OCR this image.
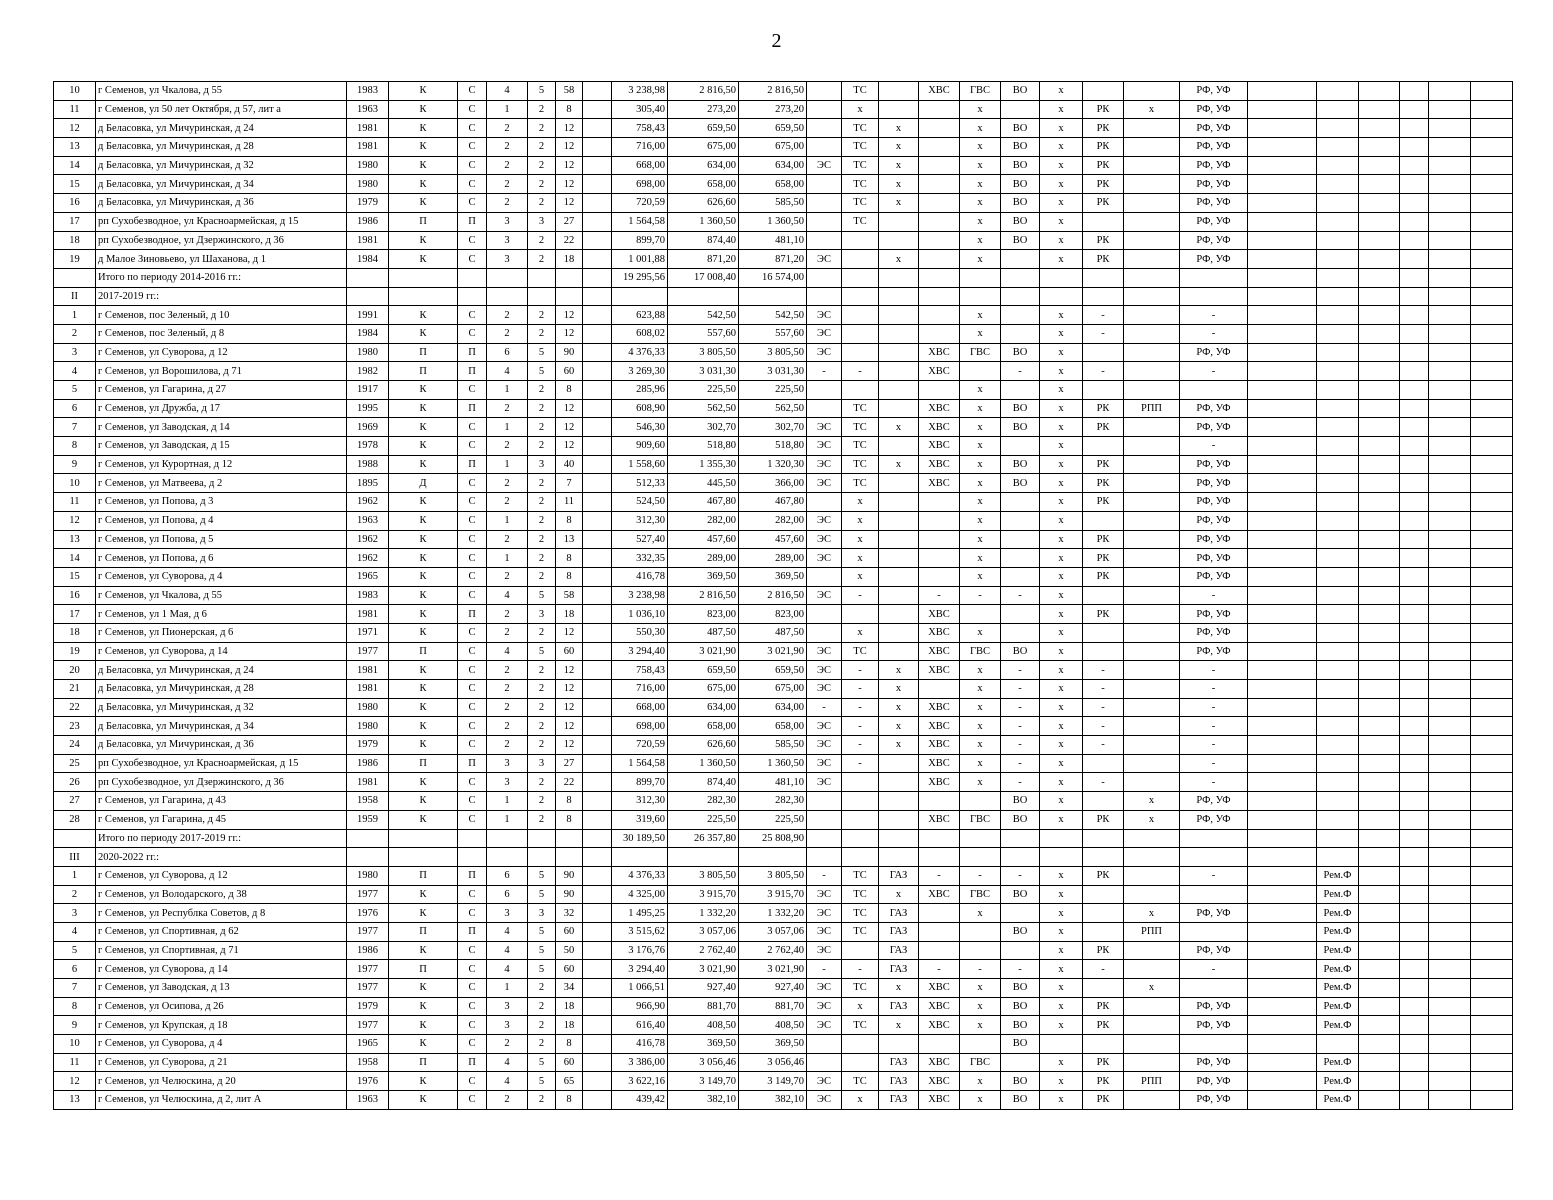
2
10	г Семенов, ул Чкалова, д 55	1983	К	С	4	5	58		3 238,98	2 816,50	2 816,50		ТС		ХВС	ГВС	ВО	х			РФ, УФ						
11	г Семенов, ул 50 лет Октября, д 57, лит а	1963	К	С	1	2	8		305,40	273,20	273,20		х			х		х	РК	х	РФ, УФ						
12	д Беласовка, ул Мичуринская, д 24	1981	К	С	2	2	12		758,43	659,50	659,50		ТС	х		х	ВО	х	РК		РФ, УФ						
13	д Беласовка, ул Мичуринская, д 28	1981	К	С	2	2	12		716,00	675,00	675,00		ТС	х		х	ВО	х	РК		РФ, УФ						
14	д Беласовка, ул Мичуринская, д 32	1980	К	С	2	2	12		668,00	634,00	634,00	ЭС	ТС	х		х	ВО	х	РК		РФ, УФ						
15	д Беласовка, ул Мичуринская, д 34	1980	К	С	2	2	12		698,00	658,00	658,00		ТС	х		х	ВО	х	РК		РФ, УФ						
16	д Беласовка, ул Мичуринская, д 36	1979	К	С	2	2	12		720,59	626,60	585,50		ТС	х		х	ВО	х	РК		РФ, УФ						
17	рп Сухобезводное, ул Красноармейская, д 15	1986	П	П	3	3	27		1 564,58	1 360,50	1 360,50		ТС			х	ВО	х			РФ, УФ						
18	рп Сухобезводное, ул Дзержинского, д 36	1981	К	С	3	2	22		899,70	874,40	481,10					х	ВО	х	РК		РФ, УФ						
19	д Малое Зиновьево, ул Шаханова, д 1	1984	К	С	3	2	18		1 001,88	871,20	871,20	ЭС		х		х		х	РК		РФ, УФ						
	Итого по периоду 2014-2016 гг.:								19 295,56	17 008,40	16 574,00																
II	2017-2019 гг.:																										
1	г Семенов, пос Зеленый, д 10	1991	К	С	2	2	12		623,88	542,50	542,50	ЭС				х		х	-		-						
2	г Семенов, пос Зеленый, д 8	1984	К	С	2	2	12		608,02	557,60	557,60	ЭС				х		х	-		-						
3	г Семенов, ул Суворова, д 12	1980	П	П	6	5	90		4 376,33	3 805,50	3 805,50	ЭС			ХВС	ГВС	ВО	х			РФ, УФ						
4	г Семенов, ул Ворошилова, д 71	1982	П	П	4	5	60		3 269,30	3 031,30	3 031,30	-	-		ХВС		-	х	-		-						
5	г Семенов, ул Гагарина, д 27	1917	К	С	1	2	8		285,96	225,50	225,50					х		х									
6	г Семенов, ул Дружба, д 17	1995	К	П	2	2	12		608,90	562,50	562,50		ТС		ХВС	х	ВО	х	РК	РПП	РФ, УФ						
7	г Семенов, ул Заводская, д 14	1969	К	С	1	2	12		546,30	302,70	302,70	ЭС	ТС	х	ХВС	х	ВО	х	РК		РФ, УФ						
8	г Семенов, ул Заводская, д 15	1978	К	С	2	2	12		909,60	518,80	518,80	ЭС	ТС		ХВС	х		х			-						
9	г Семенов, ул Курортная, д 12	1988	К	П	1	3	40		1 558,60	1 355,30	1 320,30	ЭС	ТС	х	ХВС	х	ВО	х	РК		РФ, УФ						
10	г Семенов, ул Матвеева, д 2	1895	Д	С	2	2	7		512,33	445,50	366,00	ЭС	ТС		ХВС	х	ВО	х	РК		РФ, УФ						
11	г Семенов, ул Попова, д 3	1962	К	С	2	2	11		524,50	467,80	467,80		х			х		х	РК		РФ, УФ						
12	г Семенов, ул Попова, д 4	1963	К	С	1	2	8		312,30	282,00	282,00	ЭС	х			х		х			РФ, УФ						
13	г Семенов, ул Попова, д 5	1962	К	С	2	2	13		527,40	457,60	457,60	ЭС	х			х		х	РК		РФ, УФ						
14	г Семенов, ул Попова, д 6	1962	К	С	1	2	8		332,35	289,00	289,00	ЭС	х			х		х	РК		РФ, УФ						
15	г Семенов, ул Суворова, д 4	1965	К	С	2	2	8		416,78	369,50	369,50		х			х		х	РК		РФ, УФ						
16	г Семенов, ул Чкалова, д 55	1983	К	С	4	5	58		3 238,98	2 816,50	2 816,50	ЭС	-		-	-	-	х			-						
17	г Семенов, ул 1 Мая, д 6	1981	К	П	2	3	18		1 036,10	823,00	823,00				ХВС			х	РК		РФ, УФ						
18	г Семенов, ул Пионерская, д 6	1971	К	С	2	2	12		550,30	487,50	487,50		х		ХВС	х		х			РФ, УФ						
19	г Семенов, ул Суворова, д 14	1977	П	С	4	5	60		3 294,40	3 021,90	3 021,90	ЭС	ТС		ХВС	ГВС	ВО	х			РФ, УФ						
20	д Беласовка, ул Мичуринская, д 24	1981	К	С	2	2	12		758,43	659,50	659,50	ЭС	-	х	ХВС	х	-	х	-		-						
21	д Беласовка, ул Мичуринская, д 28	1981	К	С	2	2	12		716,00	675,00	675,00	ЭС	-	х		х	-	х	-		-						
22	д Беласовка, ул Мичуринская, д 32	1980	К	С	2	2	12		668,00	634,00	634,00	-	-	х	ХВС	х	-	х	-		-						
23	д Беласовка, ул Мичуринская, д 34	1980	К	С	2	2	12		698,00	658,00	658,00	ЭС	-	х	ХВС	х	-	х	-		-						
24	д Беласовка, ул Мичуринская, д 36	1979	К	С	2	2	12		720,59	626,60	585,50	ЭС	-	х	ХВС	х	-	х	-		-						
25	рп Сухобезводное, ул Красноармейская, д 15	1986	П	П	3	3	27		1 564,58	1 360,50	1 360,50	ЭС	-		ХВС	х	-	х			-						
26	рп Сухобезводное, ул Дзержинского, д 36	1981	К	С	3	2	22		899,70	874,40	481,10	ЭС			ХВС	х	-	х	-		-						
27	г Семенов, ул Гагарина, д 43	1958	К	С	1	2	8		312,30	282,30	282,30						ВО	х		х	РФ, УФ						
28	г Семенов, ул Гагарина, д 45	1959	К	С	1	2	8		319,60	225,50	225,50				ХВС	ГВС	ВО	х	РК	х	РФ, УФ						
	Итого по периоду 2017-2019 гг.:								30 189,50	26 357,80	25 808,90																
III	2020-2022 гг.:																										
1	г Семенов, ул Суворова, д 12	1980	П	П	6	5	90		4 376,33	3 805,50	3 805,50	-	ТС	ГАЗ	-	-	-	х	РК		-		Рем.Ф				
2	г Семенов, ул Володарского, д 38	1977	К	С	6	5	90		4 325,00	3 915,70	3 915,70	ЭС	ТС	х	ХВС	ГВС	ВО	х					Рем.Ф				
3	г Семенов, ул Республка Советов, д 8	1976	К	С	3	3	32		1 495,25	1 332,20	1 332,20	ЭС	ТС	ГАЗ		х		х		х	РФ, УФ		Рем.Ф				
4	г Семенов, ул Спортивная, д 62	1977	П	П	4	5	60		3 515,62	3 057,06	3 057,06	ЭС	ТС	ГАЗ			ВО	х		РПП			Рем.Ф				
5	г Семенов, ул Спортивная, д 71	1986	К	С	4	5	50		3 176,76	2 762,40	2 762,40	ЭС		ГАЗ				х	РК		РФ, УФ		Рем.Ф				
6	г Семенов, ул Суворова, д 14	1977	П	С	4	5	60		3 294,40	3 021,90	3 021,90	-	-	ГАЗ	-	-	-	х	-		-		Рем.Ф				
7	г Семенов, ул Заводская, д 13	1977	К	С	1	2	34		1 066,51	927,40	927,40	ЭС	ТС	х	ХВС	х	ВО	х		х			Рем.Ф				
8	г Семенов, ул Осипова, д 26	1979	К	С	3	2	18		966,90	881,70	881,70	ЭС	х	ГАЗ	ХВС	х	ВО	х	РК		РФ, УФ		Рем.Ф				
9	г Семенов, ул Крупская, д 18	1977	К	С	3	2	18		616,40	408,50	408,50	ЭС	ТС	х	ХВС	х	ВО	х	РК		РФ, УФ		Рем.Ф				
10	г Семенов, ул Суворова, д 4	1965	К	С	2	2	8		416,78	369,50	369,50						ВО										
11	г Семенов, ул Суворова, д 21	1958	П	П	4	5	60		3 386,00	3 056,46	3 056,46			ГАЗ	ХВС	ГВС		х	РК		РФ, УФ		Рем.Ф				
12	г Семенов, ул Челюскина, д 20	1976	К	С	4	5	65		3 622,16	3 149,70	3 149,70	ЭС	ТС	ГАЗ	ХВС	х	ВО	х	РК	РПП	РФ, УФ		Рем.Ф				
13	г Семенов, ул Челюскина, д 2, лит А	1963	К	С	2	2	8		439,42	382,10	382,10	ЭС	х	ГАЗ	ХВС	х	ВО	х	РК		РФ, УФ		Рем.Ф				
